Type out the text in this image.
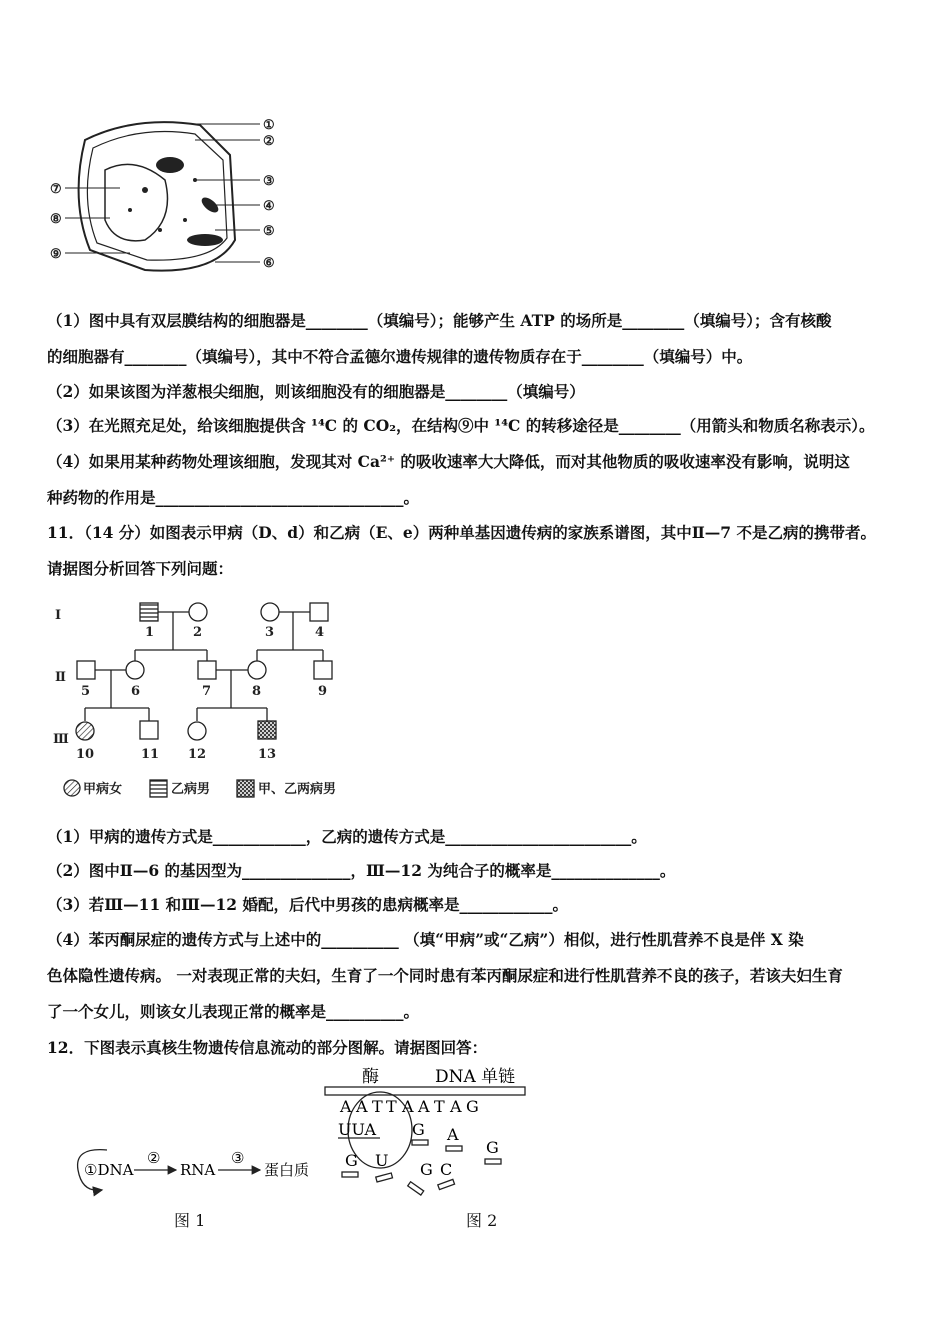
①
②
③
④
⑤
⑥
⑦
⑧
⑨
（1）图中具有双层膜结构的细胞器是________（填编号）；能够产生 ATP 的场所是________（填编号）；含有核酸
的细胞器有________（填编号），其中不符合孟德尔遗传规律的遗传物质存在于________（填编号）中。
（2）如果该图为洋葱根尖细胞，则该细胞没有的细胞器是________（填编号）
（3）在光照充足处，给该细胞提供含 ¹⁴C 的 CO₂，在结构⑨中 ¹⁴C 的转移途径是________（用箭头和物质名称表示）。
（4）如果用某种药物处理该细胞，发现其对 Ca²⁺ 的吸收速率大大降低，而对其他物质的吸收速率没有影响，说明这
种药物的作用是________________________________。
11．（14 分）如图表示甲病（D、d）和乙病（E、e）两种单基因遗传病的家族系谱图，其中Ⅱ—7 不是乙病的携带者。
请据图分析回答下列问题：
Ⅰ
Ⅱ
Ⅲ
1	2	3	4
5	6	7	8	9
10	11 12	13
甲病女	乙病男	甲、乙两病男
（1）甲病的遗传方式是____________，乙病的遗传方式是________________________。
（2）图中Ⅱ—6 的基因型为______________，Ⅲ—12 为纯合子的概率是______________。
（3）若Ⅲ—11 和Ⅲ—12 婚配，后代中男孩的患病概率是____________。
（4）苯丙酮尿症的遗传方式与上述中的__________ （填“甲病”或“乙病”）相似，进行性肌营养不良是伴 X 染
色体隐性遗传病。 一对表现正常的夫妇，生育了一个同时患有苯丙酮尿症和进行性肌营养不良的孩子，若该夫妇生育
了一个女儿，则该女儿表现正常的概率是__________。
12．下图表示真核生物遗传信息流动的部分图解。请据图回答：
①DNA
②
RNA
③
蛋白质
图 1
酶	DNA 单链
A A T T A A T A G
UUA G A
G
G U G C
图 2
